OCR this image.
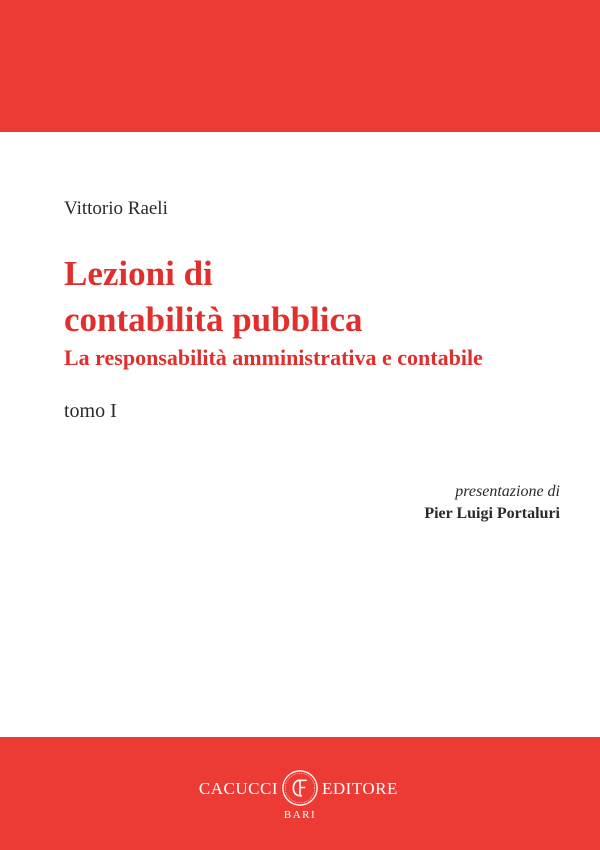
Vittorio Raeli
Lezioni di
contabilità pubblica
La responsabilità amministrativa e contabile
tomo I
presentazione di
Pier Luigi Portaluri
CACUCCI	EDITORE
BARI
